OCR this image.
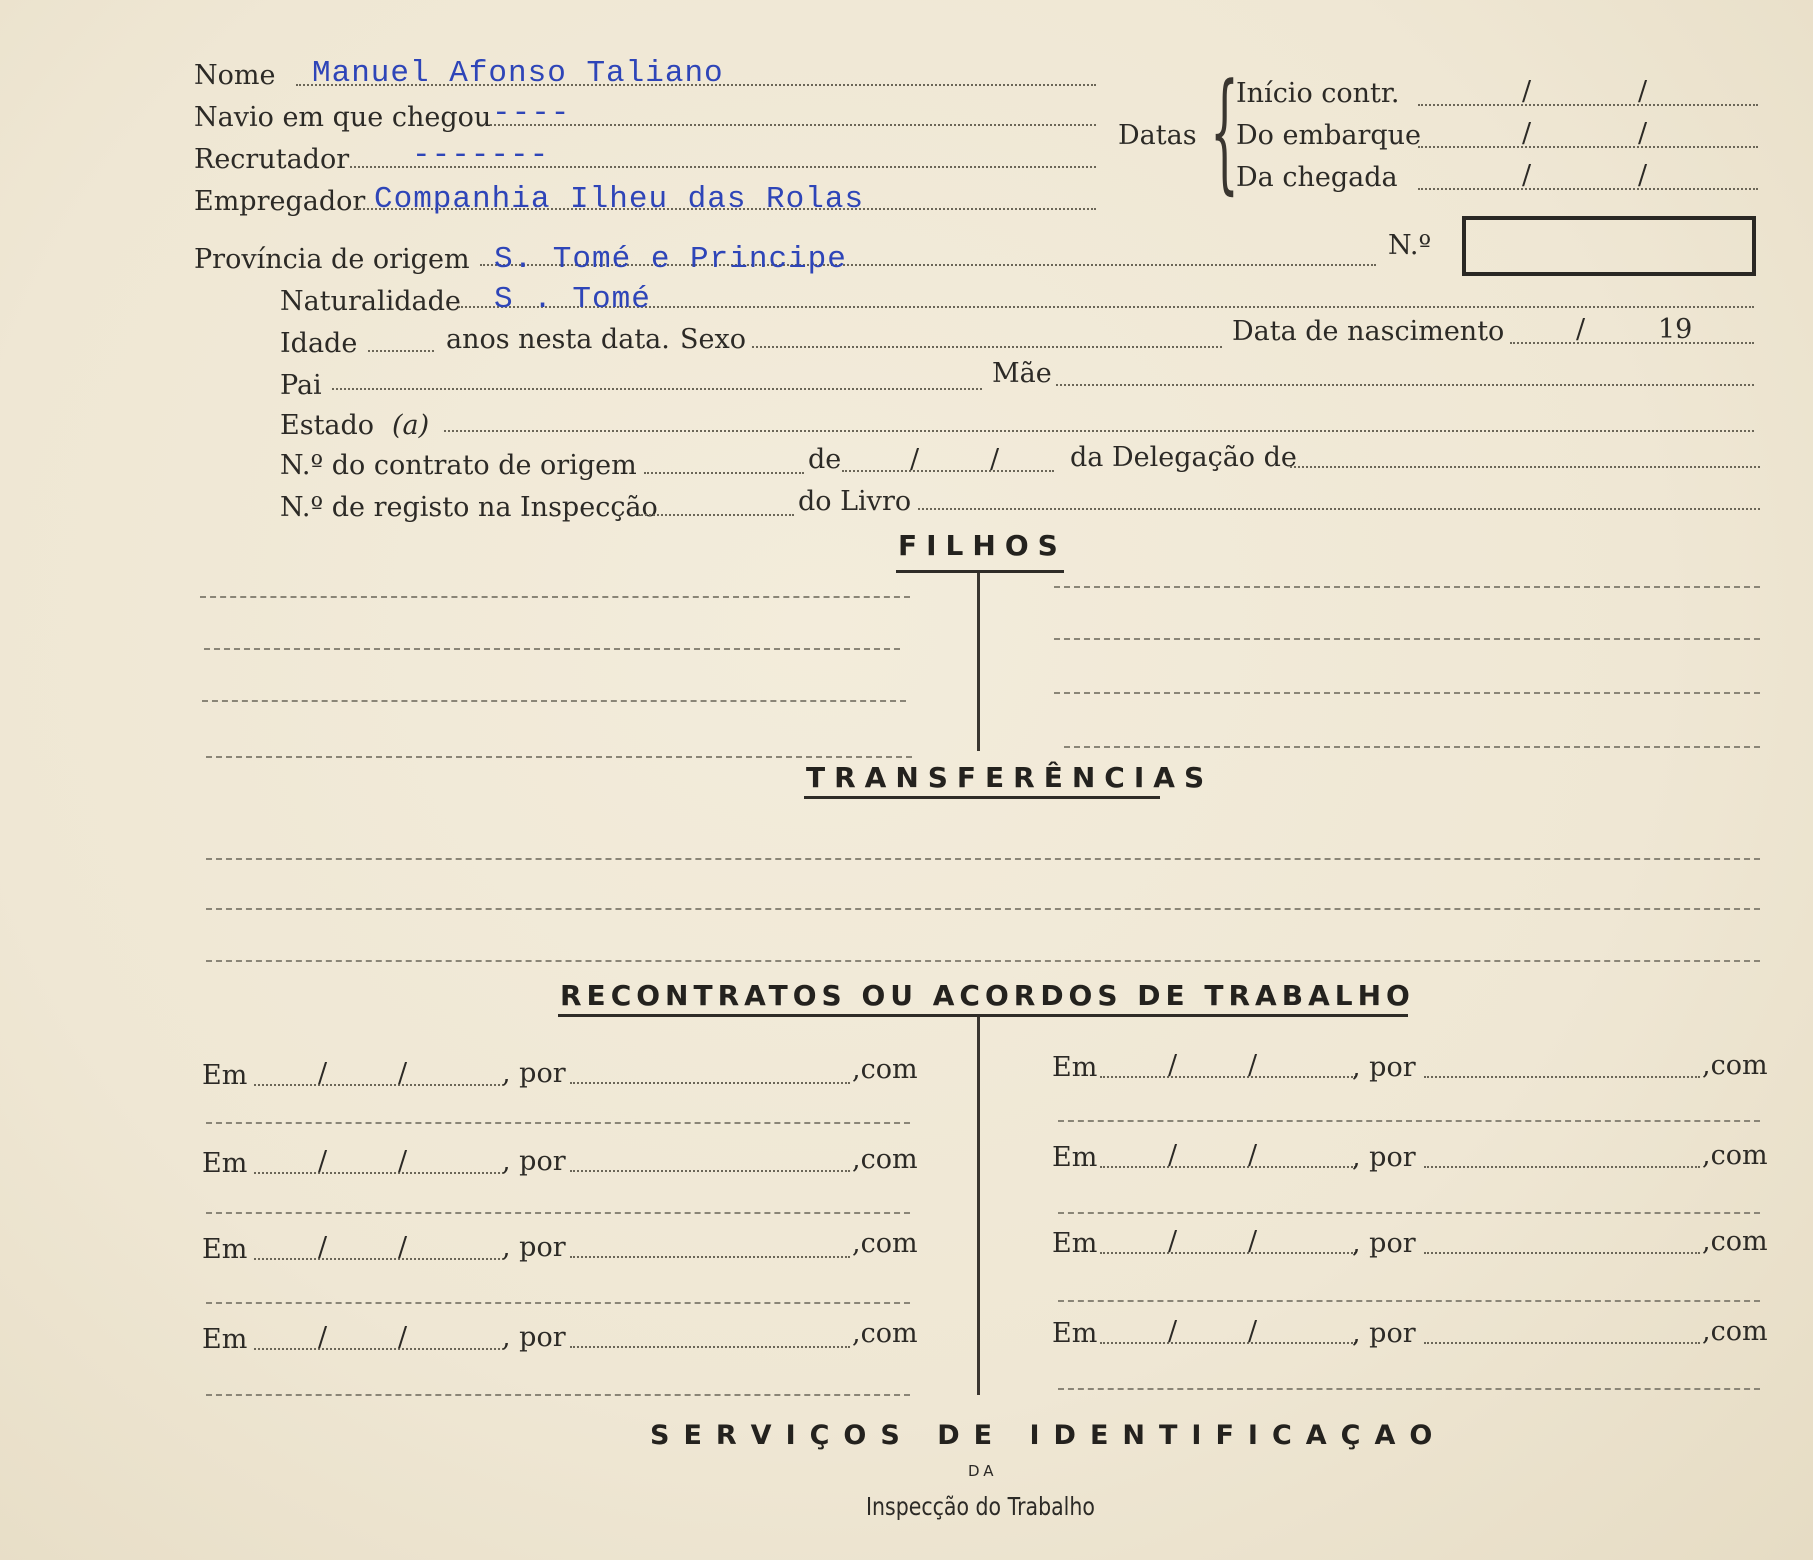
Nome Manuel Afonso Taliano
Navio em que chegou ----
Recrutador -------
Empregador Companhia Ilheu das Rolas
Datas {
Início contr.	/	/
Do embarque	/	/
Da chegada	/	/
N.º
Província de origem S. Tomé e Principe
Naturalidade S . Tomé
Idade	anos nesta data. Sexo	Data de nascimento	/	19
Pai	Mãe
Estado (a)
N.º do contrato de origem	de	/	/	da Delegação de
N.º de registo na Inspecção	do Livro
FILHOS
TRANSFERÊNCIAS
RECONTRATOS OU ACORDOS DE TRABALHO
Em	/	/	, por	,com
Em	/	/	, por	,com
Em	/	/	, por	,com
Em	/	/	, por	,com
Em	/	/	, por	,com
Em	/	/	, por	,com
Em	/	/	, por	,com
Em	/	/	, por	,com
SERVIÇOS DE IDENTIFICAÇAO
DA
Inspecção do Trabalho
